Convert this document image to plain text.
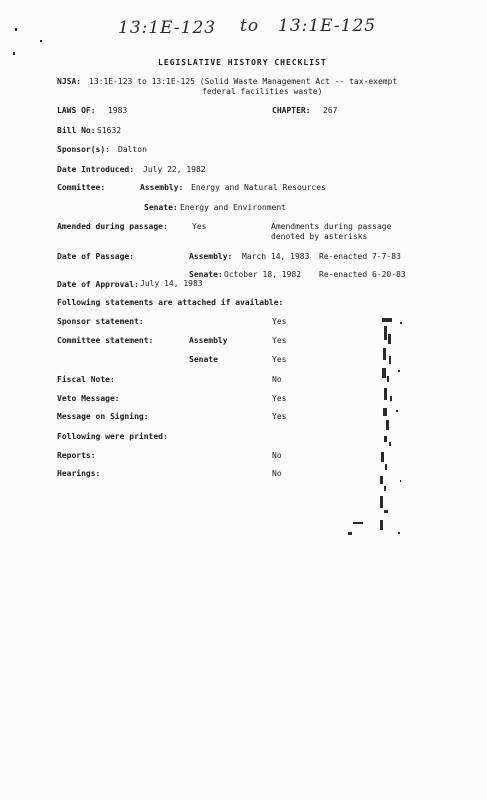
13:1E-123 to 13:1E-125
LEGISLATIVE HISTORY CHECKLIST
NJSA: 13:1E-123 to 13:1E-125 (Solid Waste Management Act -- tax-exempt
federal facilities waste)
LAWS OF: 1983	CHAPTER: 267
Bill No: S1632
Sponsor(s): Dalton
Date Introduced: July 22, 1982
Committee:	Assembly: Energy and Natural Resources
Senate: Energy and Environment
Amended during passage:	Yes	Amendments during passage
denoted by asterisks
Date of Passage:	Assembly: March 14, 1983 Re-enacted 7-7-83
Senate: October 18, 1982 Re-enacted 6-20-83
Date of Approval: July 14, 1983
Following statements are attached if available:
Sponsor statement:	Yes
Committee statement:	Assembly	Yes
Senate	Yes
Fiscal Note:	No
Veto Message:	Yes
Message on Signing:	Yes
Following were printed:
Reports:	No
Hearings:	No
